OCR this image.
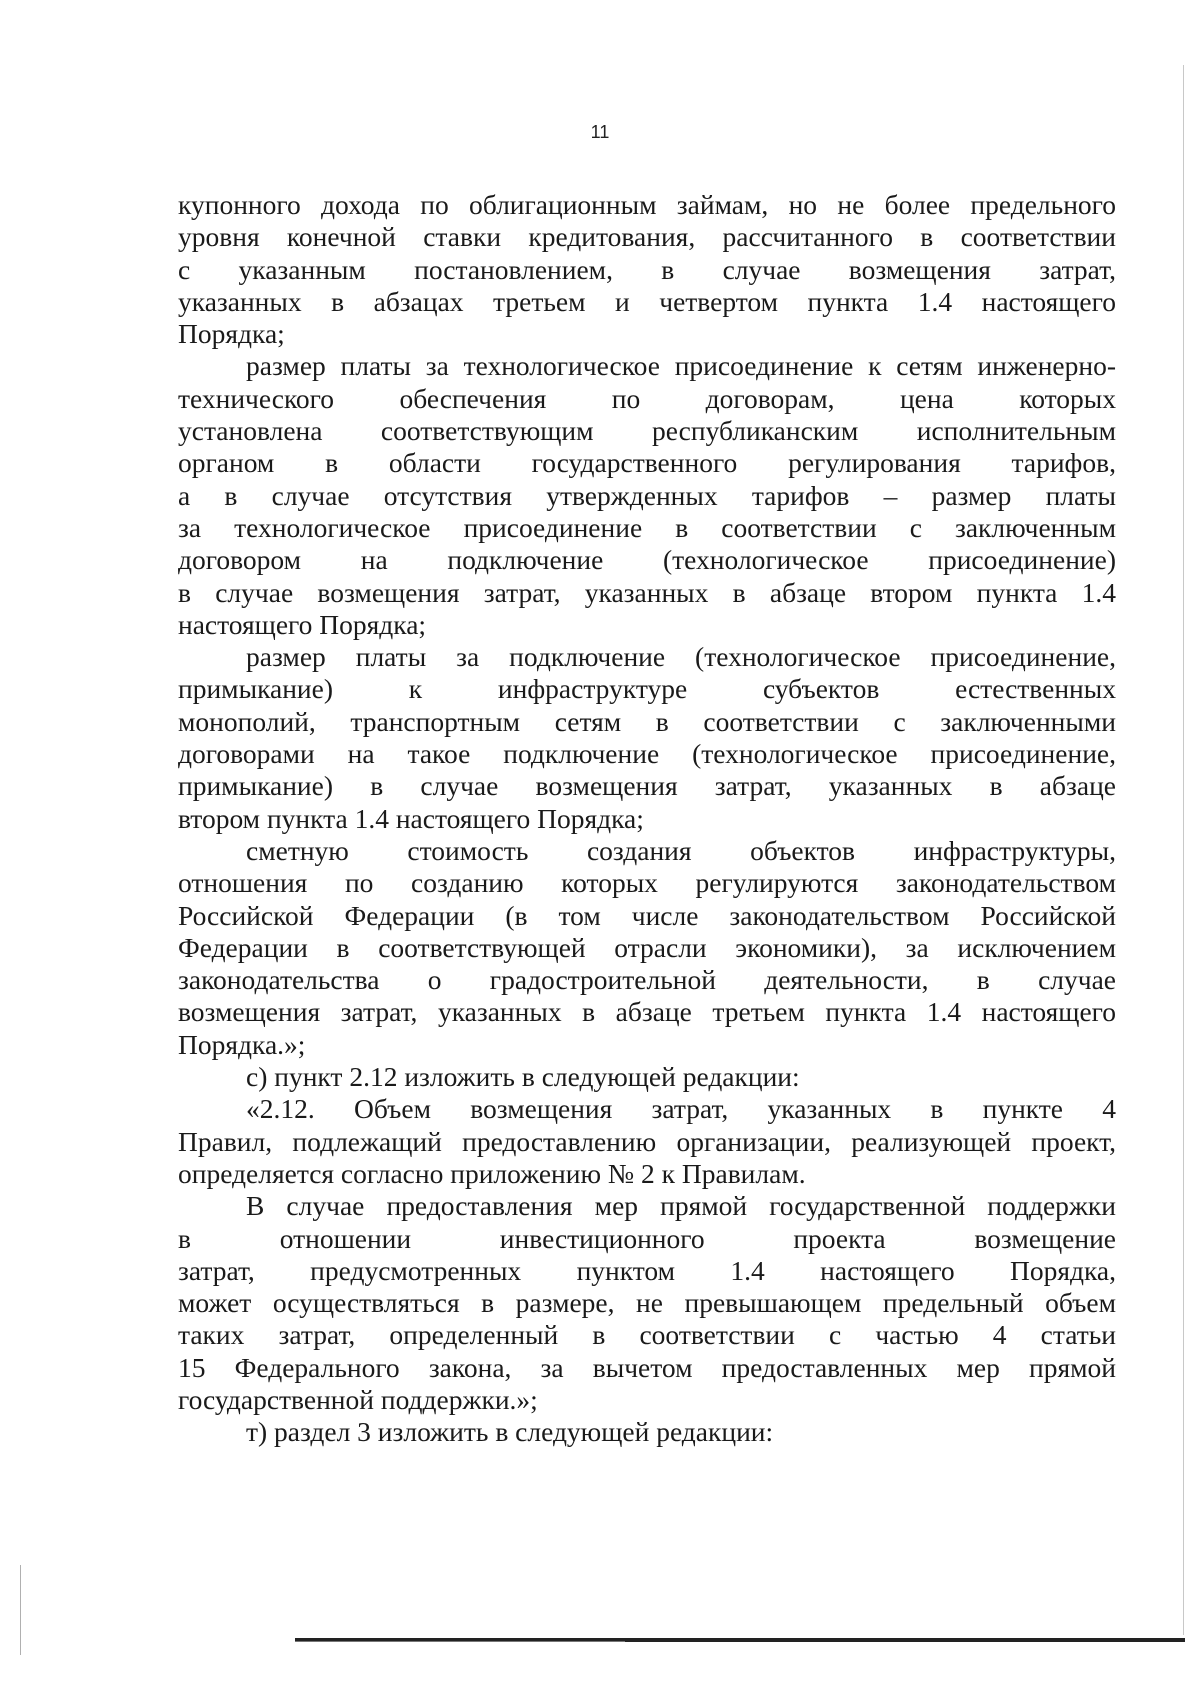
11
купонного дохода по облигационным займам, но не более предельного
уровня конечной ставки кредитования, рассчитанного в соответствии
с указанным постановлением, в случае возмещения затрат,
указанных в абзацах третьем и четвертом пункта 1.4 настоящего
Порядка;
размер платы за технологическое присоединение к сетям инженерно-
технического обеспечения по договорам, цена которых
установлена соответствующим республиканским исполнительным
органом в области государственного регулирования тарифов,
а в случае отсутствия утвержденных тарифов – размер платы
за технологическое присоединение в соответствии с заключенным
договором на подключение (технологическое присоединение)
в случае возмещения затрат, указанных в абзаце втором пункта 1.4
настоящего Порядка;
размер платы за подключение (технологическое присоединение,
примыкание) к инфраструктуре субъектов естественных
монополий, транспортным сетям в соответствии с заключенными
договорами на такое подключение (технологическое присоединение,
примыкание) в случае возмещения затрат, указанных в абзаце
втором пункта 1.4 настоящего Порядка;
сметную стоимость создания объектов инфраструктуры,
отношения по созданию которых регулируются законодательством
Российской Федерации (в том числе законодательством Российской
Федерации в соответствующей отрасли экономики), за исключением
законодательства о градостроительной деятельности, в случае
возмещения затрат, указанных в абзаце третьем пункта 1.4 настоящего
Порядка.»;
с) пункт 2.12 изложить в следующей редакции:
«2.12. Объем возмещения затрат, указанных в пункте 4
Правил, подлежащий предоставлению организации, реализующей проект,
определяется согласно приложению № 2 к Правилам.
В случае предоставления мер прямой государственной поддержки
в отношении инвестиционного проекта возмещение
затрат, предусмотренных пунктом 1.4 настоящего Порядка,
может осуществляться в размере, не превышающем предельный объем
таких затрат, определенный в соответствии с частью 4 статьи
15 Федерального закона, за вычетом предоставленных мер прямой
государственной поддержки.»;
т) раздел 3 изложить в следующей редакции:
